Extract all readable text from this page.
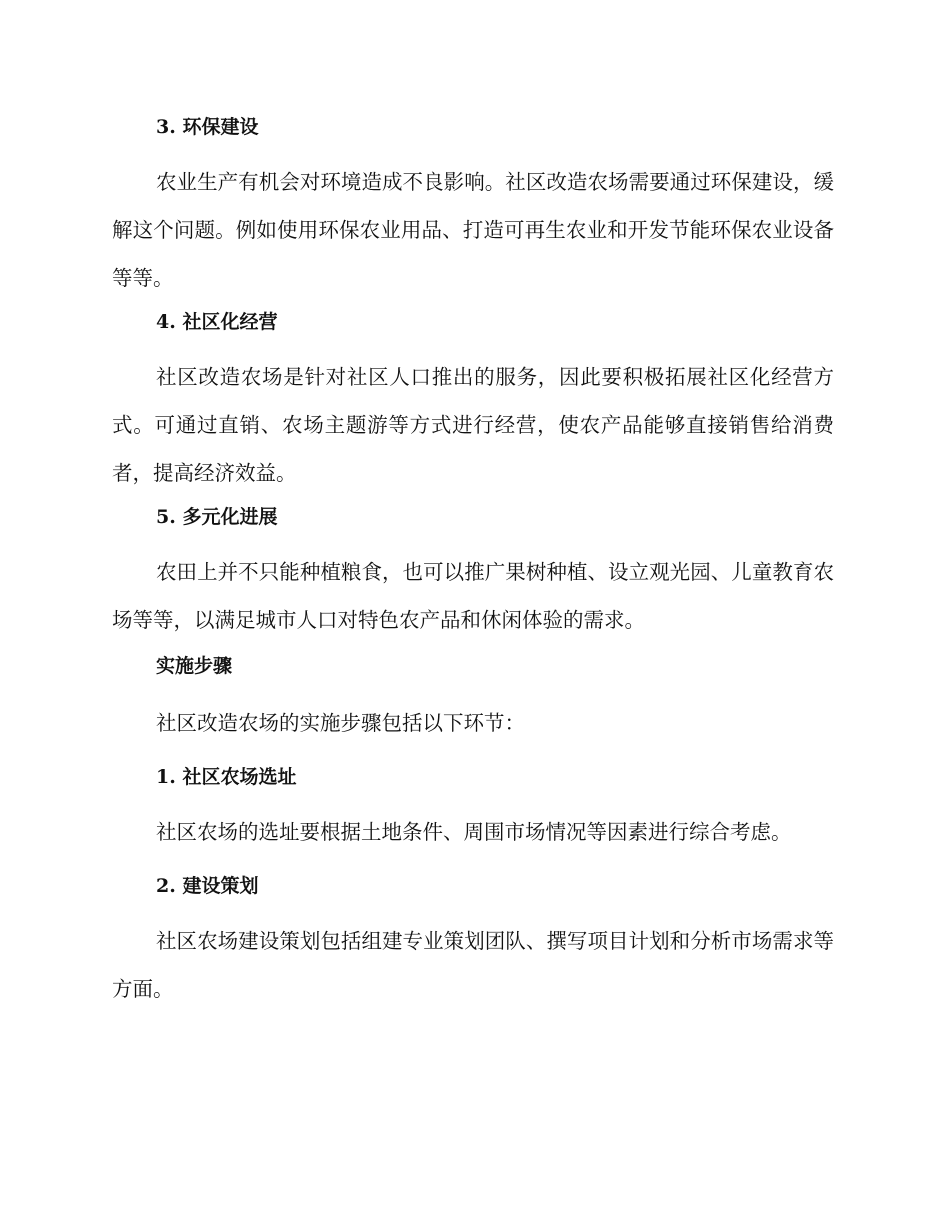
3. 环保建设

农业生产有机会对环境造成不良影响。社区改造农场需要通过环保建设，缓解这个问题。例如使用环保农业用品、打造可再生农业和开发节能环保农业设备等等。

4. 社区化经营

社区改造农场是针对社区人口推出的服务，因此要积极拓展社区化经营方式。可通过直销、农场主题游等方式进行经营，使农产品能够直接销售给消费者，提高经济效益。

5. 多元化进展

农田上并不只能种植粮食，也可以推广果树种植、设立观光园、儿童教育农场等等，以满足城市人口对特色农产品和休闲体验的需求。

实施步骤

社区改造农场的实施步骤包括以下环节：

1. 社区农场选址

社区农场的选址要根据土地条件、周围市场情况等因素进行综合考虑。

2. 建设策划

社区农场建设策划包括组建专业策划团队、撰写项目计划和分析市场需求等方面。
